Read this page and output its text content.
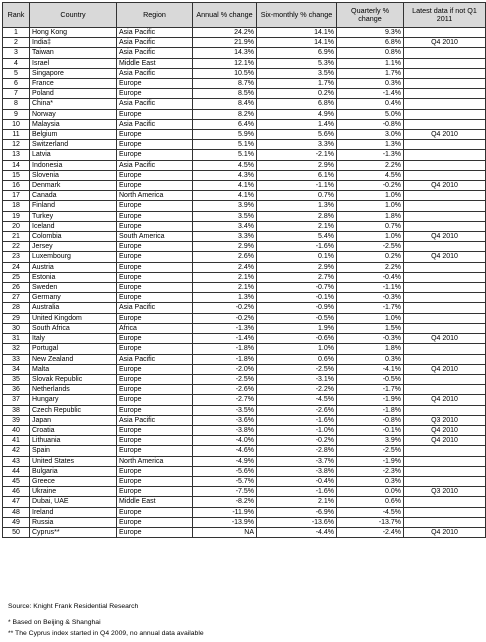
Rank	Country	Region	Annual % change	Six-monthly % change	Quarterly % change	Latest data if not Q1 2011
1	Hong Kong	Asia Pacific	24.2%	14.1%	9.3%	
2	India‡	Asia Pacific	21.9%	14.1%	6.8%	Q4 2010
3	Taiwan	Asia Pacific	14.3%	6.9%	0.8%	
4	Israel	Middle East	12.1%	5.3%	1.1%	
5	Singapore	Asia Pacific	10.5%	3.5%	1.7%	
6	France	Europe	8.7%	1.7%	0.3%	
7	Poland	Europe	8.5%	0.2%	-1.4%	
8	China*	Asia Pacific	8.4%	6.8%	0.4%	
9	Norway	Europe	8.2%	4.9%	5.0%	
10	Malaysia	Asia Pacific	6.4%	1.4%	-0.8%	
11	Belgium	Europe	5.9%	5.6%	3.0%	Q4 2010
12	Switzerland	Europe	5.1%	3.3%	1.3%	
13	Latvia	Europe	5.1%	-2.1%	-1.3%	
14	Indonesia	Asia Pacific	4.5%	2.9%	2.2%	
15	Slovenia	Europe	4.3%	6.1%	4.5%	
16	Denmark	Europe	4.1%	-1.1%	-0.2%	Q4 2010
17	Canada	North America	4.1%	0.7%	1.0%	
18	Finland	Europe	3.9%	1.3%	1.0%	
19	Turkey	Europe	3.5%	2.8%	1.8%	
20	Iceland	Europe	3.4%	2.1%	0.7%	
21	Colombia	South America	3.3%	5.4%	1.0%	Q4 2010
22	Jersey	Europe	2.9%	-1.6%	-2.5%	
23	Luxembourg	Europe	2.6%	0.1%	0.2%	Q4 2010
24	Austria	Europe	2.4%	2.9%	2.2%	
25	Estonia	Europe	2.1%	2.7%	-0.4%	
26	Sweden	Europe	2.1%	-0.7%	-1.1%	
27	Germany	Europe	1.3%	-0.1%	-0.3%	
28	Australia	Asia Pacific	-0.2%	-0.9%	-1.7%	
29	United Kingdom	Europe	-0.2%	-0.5%	1.0%	
30	South Africa	Africa	-1.3%	1.9%	1.5%	
31	Italy	Europe	-1.4%	-0.6%	-0.3%	Q4 2010
32	Portugal	Europe	-1.8%	1.0%	1.8%	
33	New Zealand	Asia Pacific	-1.8%	0.6%	0.3%	
34	Malta	Europe	-2.0%	-2.5%	-4.1%	Q4 2010
35	Slovak Republic	Europe	-2.5%	-3.1%	-0.5%	
36	Netherlands	Europe	-2.6%	-2.2%	-1.7%	
37	Hungary	Europe	-2.7%	-4.5%	-1.9%	Q4 2010
38	Czech Republic	Europe	-3.5%	-2.6%	-1.8%	
39	Japan	Asia Pacific	-3.6%	-1.6%	-0.8%	Q3 2010
40	Croatia	Europe	-3.8%	-1.0%	-0.1%	Q4 2010
41	Lithuania	Europe	-4.0%	-0.2%	3.9%	Q4 2010
42	Spain	Europe	-4.6%	-2.8%	-2.5%	
43	United States	North America	-4.9%	-3.7%	-1.9%	
44	Bulgaria	Europe	-5.6%	-3.8%	-2.3%	
45	Greece	Europe	-5.7%	-0.4%	0.3%	
46	Ukraine	Europe	-7.5%	-1.6%	0.0%	Q3 2010
47	Dubai, UAE	Middle East	-8.2%	2.1%	0.6%	
48	Ireland	Europe	-11.9%	-6.9%	-4.5%	
49	Russia	Europe	-13.9%	-13.6%	-13.7%	
50	Cyprus**	Europe	NA	-4.4%	-2.4%	Q4 2010
Source: Knight Frank Residential Research
* Based on Beijing & Shanghai
** The Cyprus index started in Q4 2009, no annual data available
